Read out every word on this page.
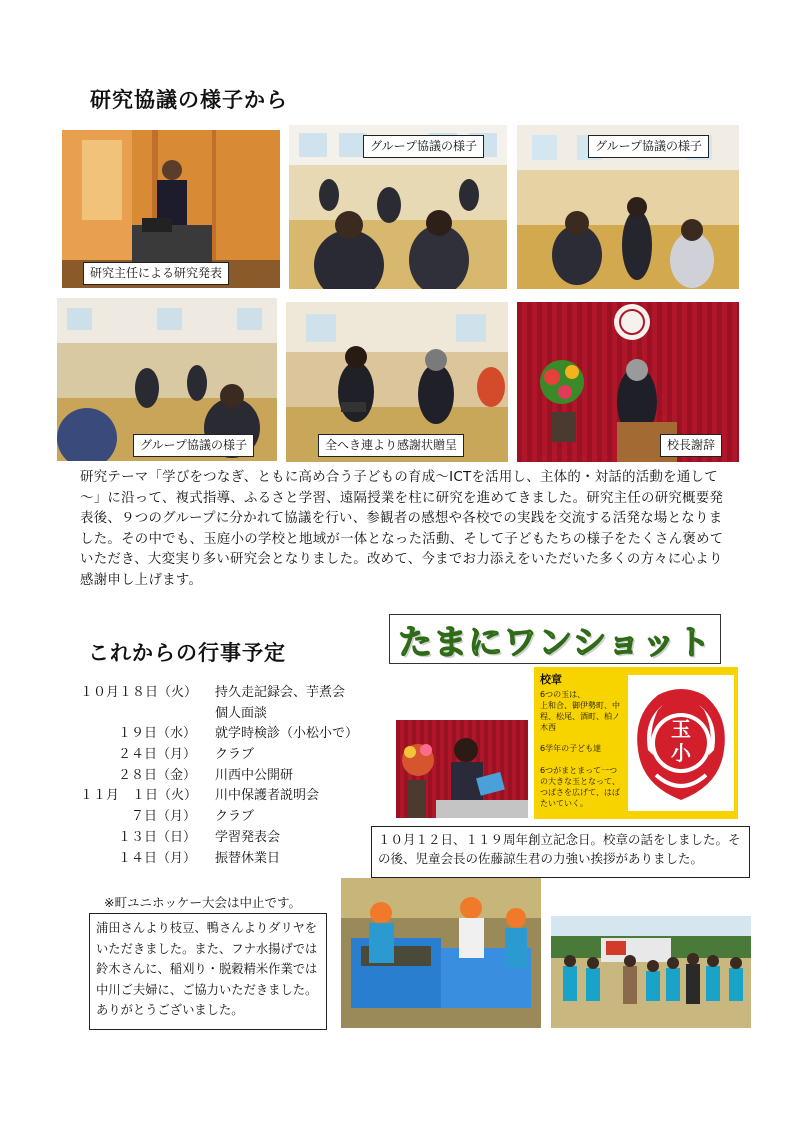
研究協議の様子から
研究主任による研究発表
グループ協議の様子	グループ協議の様子
グループ協議の様子	全へき連より感謝状贈呈	校長謝辞
研究テーマ「学びをつなぎ、ともに高め合う子どもの育成～ICTを活用し、主体的・対話的活動を通して～」に沿って、複式指導、ふるさと学習、遠隔授業を柱に研究を進めてきました。研究主任の研究概要発表後、９つのグループに分かれて協議を行い、参観者の感想や各校での実践を交流する活発な場となりました。その中でも、玉庭小の学校と地域が一体となった活動、そして子どもたちの様子をたくさん褒めていただき、大変実り多い研究会となりました。改めて、今までお力添えをいただいた多くの方々に心より感謝申し上げます。
これからの行事予定
１０月１８日（火） 持久走記録会、芋煮会
個人面談
１９日（水） 就学時検診（小松小で）
２４日（月） クラブ
２８日（金） 川西中公開研
１１月　１日（火） 川中保護者説明会
７日（月） クラブ
１３日（日） 学習発表会
１４日（月） 振替休業日
※町ユニホッケー大会は中止です。
浦田さんより枝豆、鴨さんよりダリヤをいただきました。また、フナ水揚げでは鈴木さんに、稲刈り・脱穀精米作業では中川ご夫婦に、ご協力いただきました。ありがとうございました。
たまにワンショット
校章
6つの玉は、
上和合、御伊勢町、中程、松尾、酒町、柏ノ木西
6学年の子ども達
6つがまとまって一つの大きな玉となって、つばさを広げて、はばたいていく。
玉
小
１０月１２日、１１９周年創立記念日。校章の話をしました。その後、児童会長の佐藤諒生君の力強い挨拶がありました。
